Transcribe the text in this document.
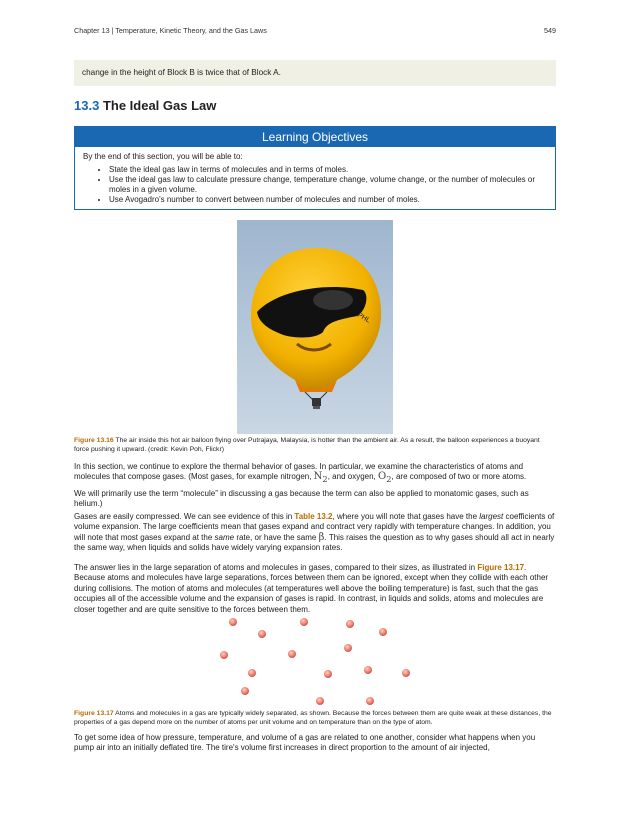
Chapter 13 | Temperature, Kinetic Theory, and the Gas Laws	549
change in the height of Block B is twice that of Block A.
13.3 The Ideal Gas Law
Learning Objectives
By the end of this section, you will be able to:
• State the ideal gas law in terms of molecules and in terms of moles.
• Use the ideal gas law to calculate pressure change, temperature change, volume change, or the number of molecules or moles in a given volume.
• Use Avogadro's number to convert between number of molecules and number of moles.
PHL
Figure 13.16 The air inside this hot air balloon flying over Putrajaya, Malaysia, is hotter than the ambient air. As a result, the balloon experiences a buoyant force pushing it upward. (credit: Kevin Poh, Flickr)
In this section, we continue to explore the thermal behavior of gases. In particular, we examine the characteristics of atoms and molecules that compose gases. (Most gases, for example nitrogen, $N_2$, and oxygen, $O_2$, are composed of two or more atoms.
We will primarily use the term “molecule” in discussing a gas because the term can also be applied to monatomic gases, such as helium.)
Gases are easily compressed. We can see evidence of this in Table 13.2, where you will note that gases have the largest coefficients of volume expansion. The large coefficients mean that gases expand and contract very rapidly with temperature changes. In addition, you will note that most gases expand at the same rate, or have the same β. This raises the question as to why gases should all act in nearly the same way, when liquids and solids have widely varying expansion rates.
The answer lies in the large separation of atoms and molecules in gases, compared to their sizes, as illustrated in Figure 13.17. Because atoms and molecules have large separations, forces between them can be ignored, except when they collide with each other during collisions. The motion of atoms and molecules (at temperatures well above the boiling temperature) is fast, such that the gas occupies all of the accessible volume and the expansion of gases is rapid. In contrast, in liquids and solids, atoms and molecules are closer together and are quite sensitive to the forces between them.
Figure 13.17 Atoms and molecules in a gas are typically widely separated, as shown. Because the forces between them are quite weak at these distances, the properties of a gas depend more on the number of atoms per unit volume and on temperature than on the type of atom.
To get some idea of how pressure, temperature, and volume of a gas are related to one another, consider what happens when you pump air into an initially deflated tire. The tire's volume first increases in direct proportion to the amount of air injected,
